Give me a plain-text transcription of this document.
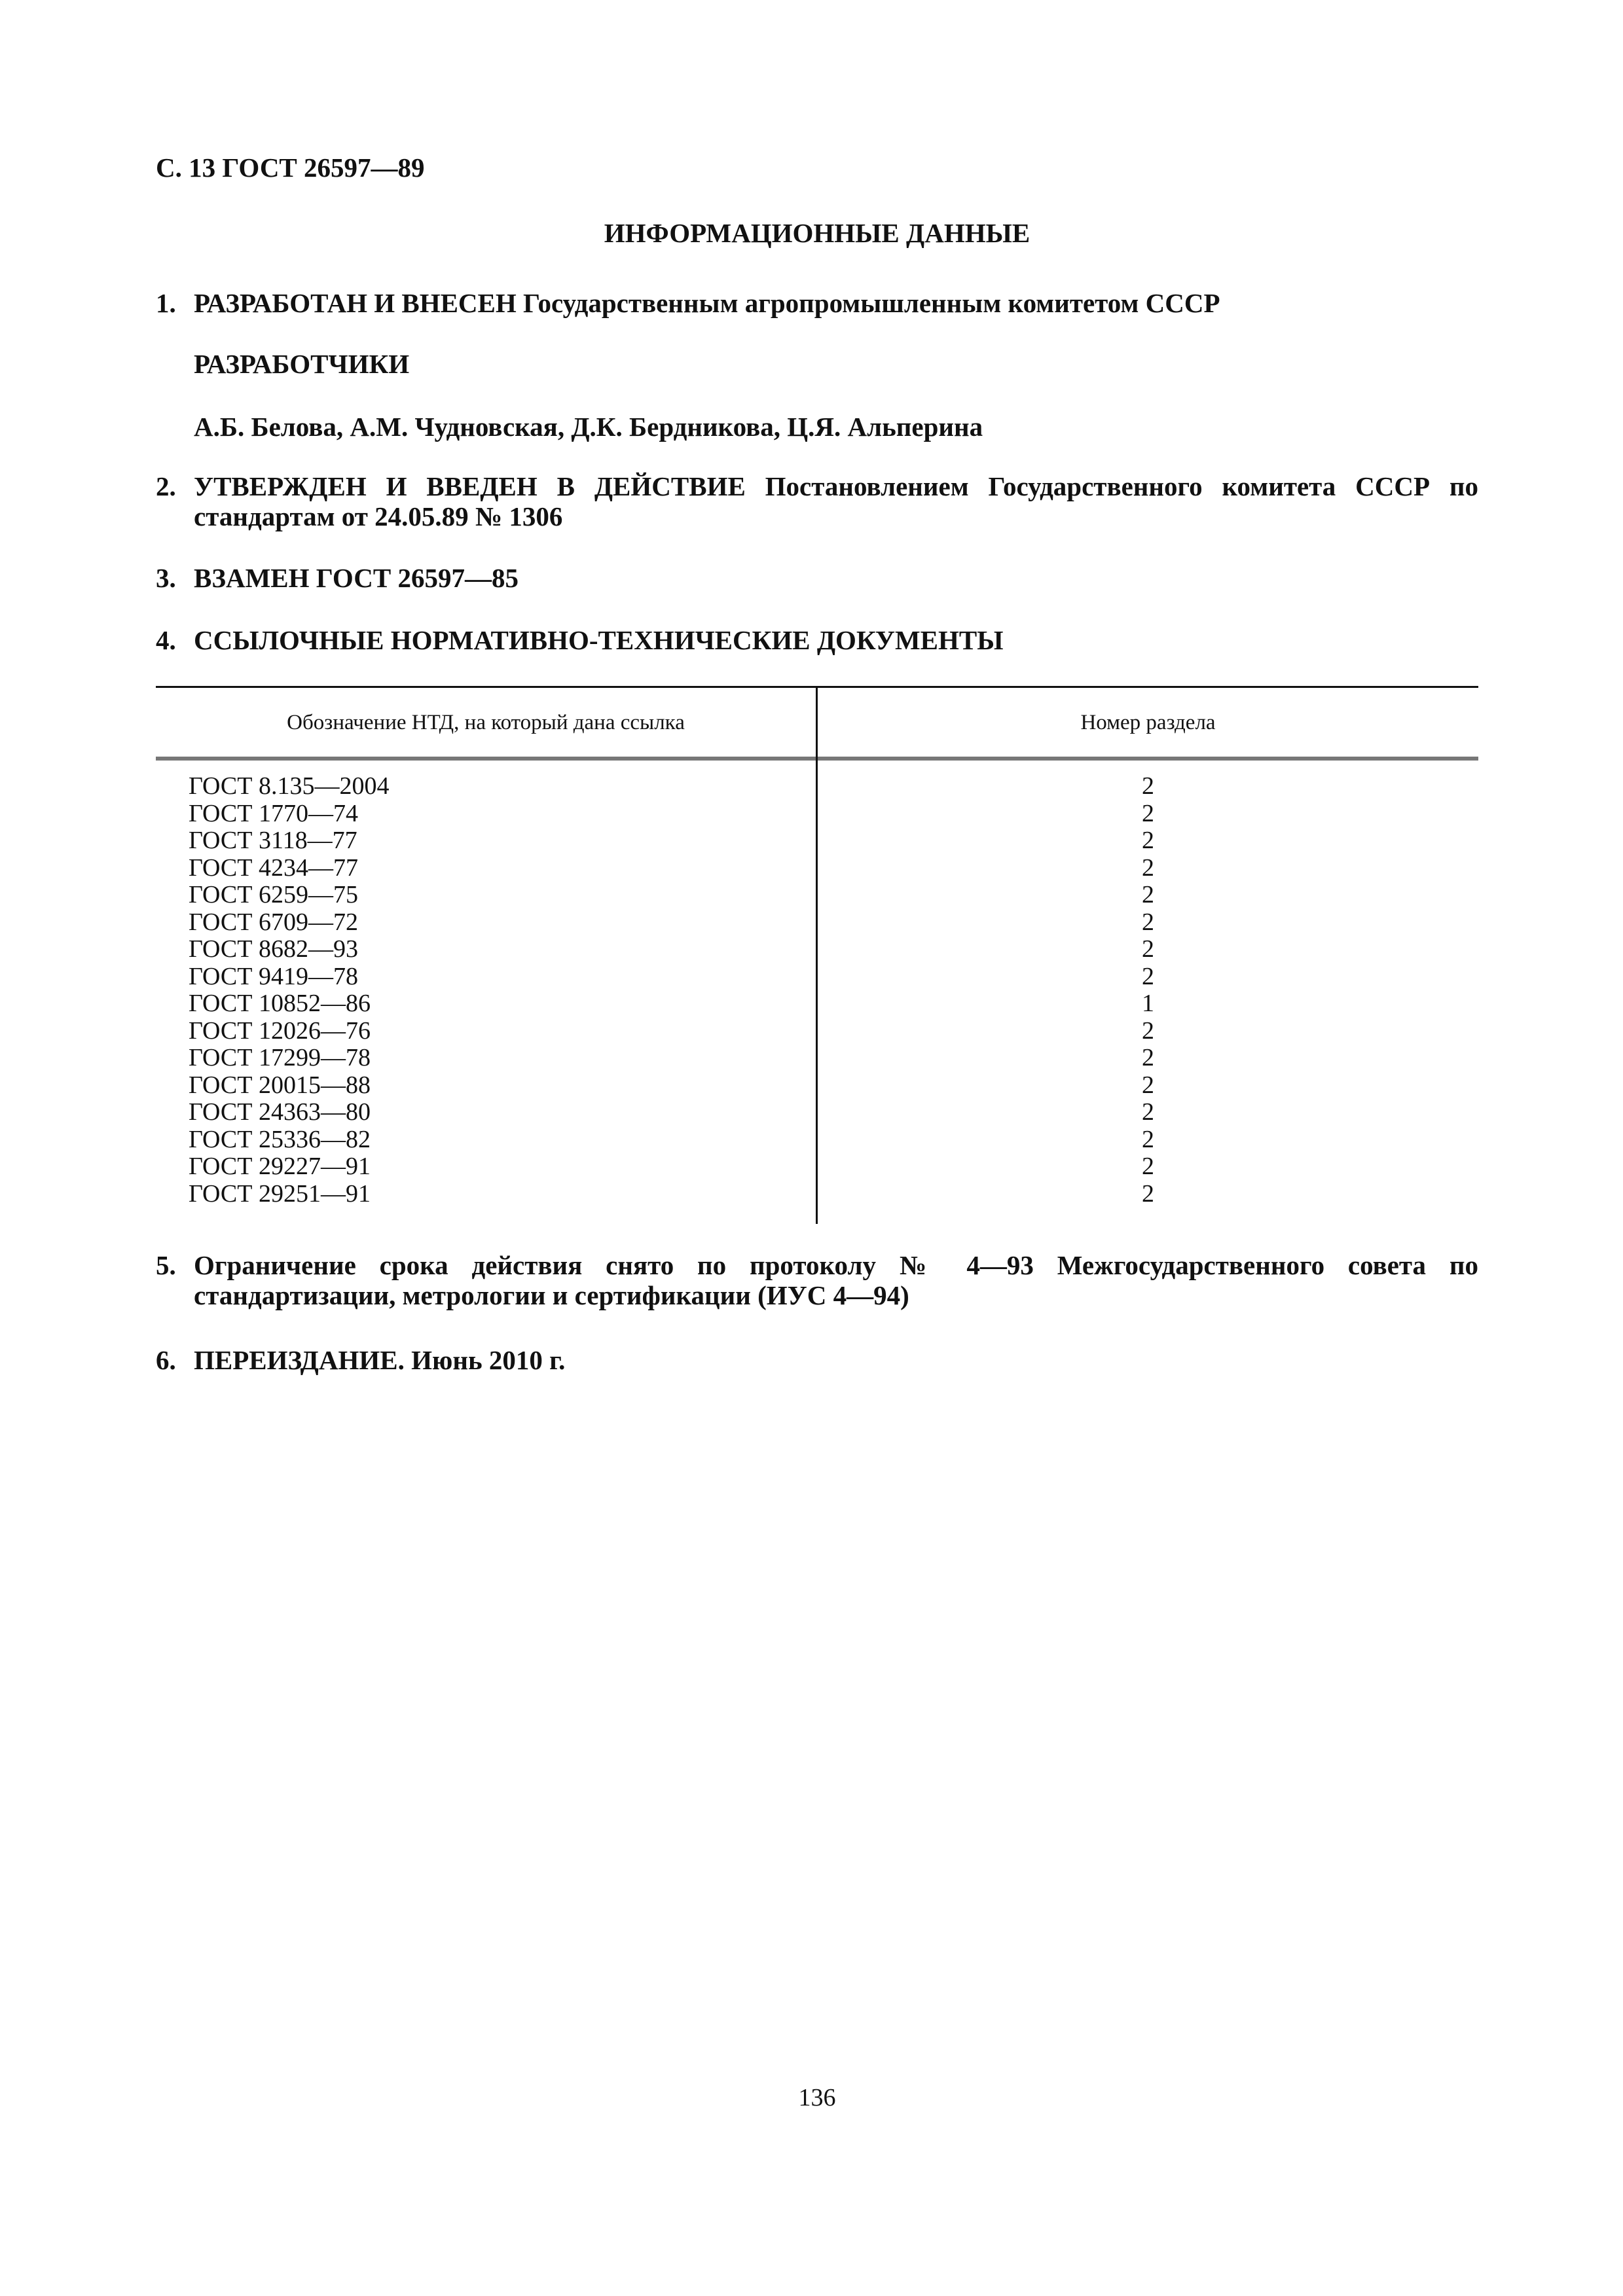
С. 13 ГОСТ 26597—89
ИНФОРМАЦИОННЫЕ ДАННЫЕ
1. РАЗРАБОТАН И ВНЕСЕН Государственным агропромышленным комитетом СССР
РАЗРАБОТЧИКИ
А.Б. Белова, А.М. Чудновская, Д.К. Бердникова, Ц.Я. Альперина
2. УТВЕРЖДЕН И ВВЕДЕН В ДЕЙСТВИЕ Постановлением Государственного комитета СССР по стандартам от 24.05.89 № 1306
3. ВЗАМЕН ГОСТ 26597—85
4. ССЫЛОЧНЫЕ НОРМАТИВНО-ТЕХНИЧЕСКИЕ ДОКУМЕНТЫ
Обозначение НТД, на который дана ссылка	Номер раздела
ГОСТ 8.135—2004	2
ГОСТ 1770—74	2
ГОСТ 3118—77	2
ГОСТ 4234—77	2
ГОСТ 6259—75	2
ГОСТ 6709—72	2
ГОСТ 8682—93	2
ГОСТ 9419—78	2
ГОСТ 10852—86	1
ГОСТ 12026—76	2
ГОСТ 17299—78	2
ГОСТ 20015—88	2
ГОСТ 24363—80	2
ГОСТ 25336—82	2
ГОСТ 29227—91	2
ГОСТ 29251—91	2
5. Ограничение срока действия снято по протоколу № 4—93 Межгосударственного совета по стандартизации, метрологии и сертификации (ИУС 4—94)
6. ПЕРЕИЗДАНИЕ. Июнь 2010 г.
136
